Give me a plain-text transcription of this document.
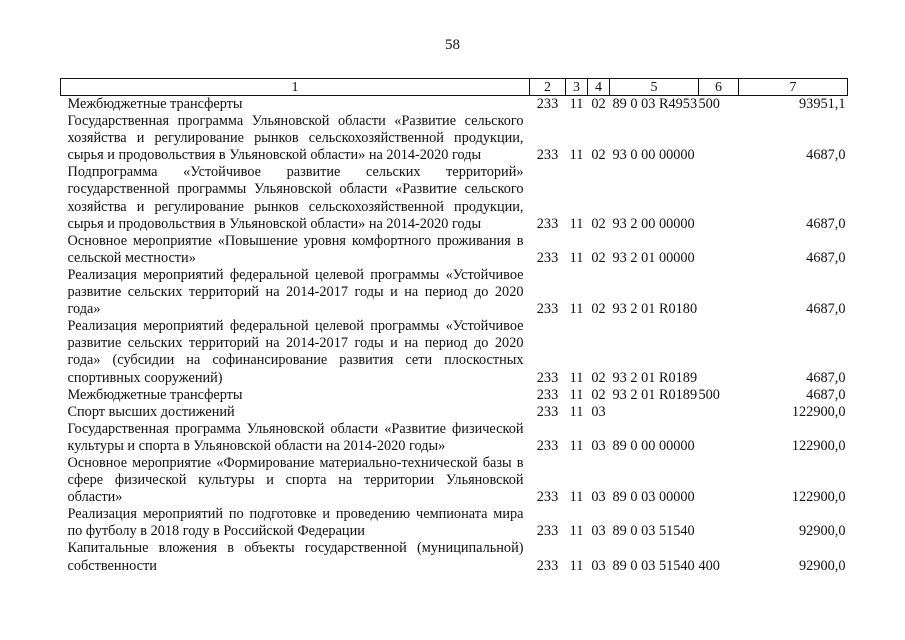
58
1	2	3	4	5	6	7
Межбюджетные трансферты	233	11	02	89 0 03 R4953	500	93951,1
Государственная программа Ульяновской области «Развитие сельского хозяйства и регулирование рынков сельскохозяйственной продукции, сырья и продовольствия в Ульяновской области» на 2014-2020 годы	233	11	02	93 0 00 00000		4687,0
Подпрограмма «Устойчивое развитие сельских территорий» государственной программы Ульяновской области «Развитие сельского хозяйства и регулирование рынков сельскохозяйственной продукции, сырья и продовольствия в Ульяновской области» на 2014-2020 годы	233	11	02	93 2 00 00000		4687,0
Основное мероприятие «Повышение уровня комфортного проживания в сельской местности»	233	11	02	93 2 01 00000		4687,0
Реализация мероприятий федеральной целевой программы «Устойчивое развитие сельских территорий на 2014-2017 годы и на период до 2020 года»	233	11	02	93 2 01 R0180		4687,0
Реализация мероприятий федеральной целевой программы «Устойчивое развитие сельских территорий на 2014-2017 годы и на период до 2020 года» (субсидии на софинансирование развития сети плоскостных спортивных сооружений)	233	11	02	93 2 01 R0189		4687,0
Межбюджетные трансферты	233	11	02	93 2 01 R0189	500	4687,0
Спорт высших достижений	233	11	03			122900,0
Государственная программа Ульяновской области «Развитие физической культуры и спорта в Ульяновской области на 2014-2020 годы»	233	11	03	89 0 00 00000		122900,0
Основное мероприятие «Формирование материально-технической базы в сфере физической культуры и спорта на территории Ульяновской области»	233	11	03	89 0 03 00000		122900,0
Реализация мероприятий по подготовке и проведению чемпионата мира по футболу в 2018 году в Российской Федерации	233	11	03	89 0 03 51540		92900,0
Капитальные вложения в объекты государственной (муниципальной) собственности	233	11	03	89 0 03 51540	400	92900,0
